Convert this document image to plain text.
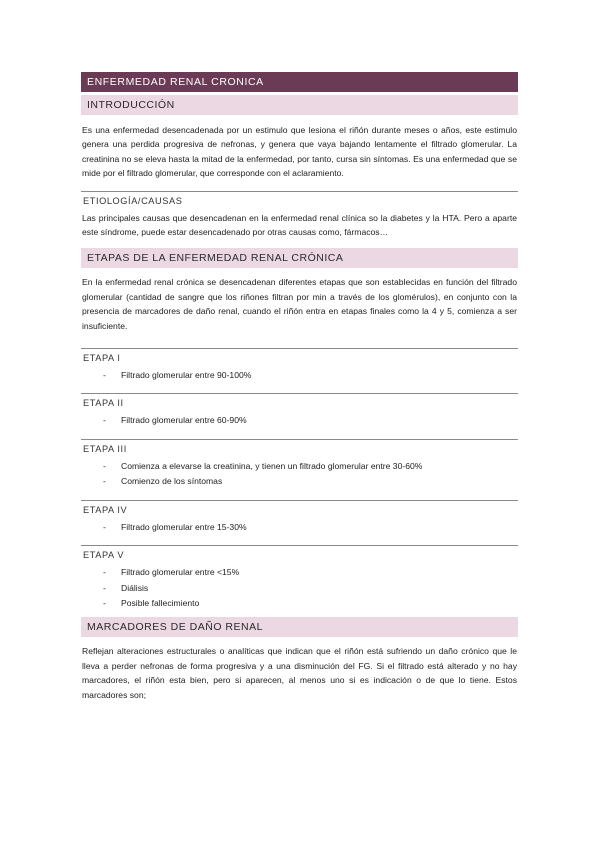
ENFERMEDAD RENAL CRONICA
INTRODUCCIÓN

Es una enfermedad desencadenada por un estimulo que lesiona el riñón durante meses o años, este estimulo genera una perdida progresiva de nefronas, y genera que vaya bajando lentamente el filtrado glomerular. La creatinina no se eleva hasta la mitad de la enfermedad, por tanto, cursa sin síntomas. Es una enfermedad que se mide por el filtrado glomerular, que corresponde con el aclaramiento.

ETIOLOGÍA/CAUSAS

Las principales causas que desencadenan en la enfermedad renal clínica so la diabetes y la HTA. Pero a aparte este síndrome, puede estar desencadenado por otras causas como, fármacos…

ETAPAS DE LA ENFERMEDAD RENAL CRÓNICA

En la enfermedad renal crónica se desencadenan diferentes etapas que son establecidas en función del filtrado glomerular (cantidad de sangre que los riñones filtran por min a través de los glomérulos), en conjunto con la presencia de marcadores de daño renal, cuando el riñón entra en etapas finales como la 4 y 5, comienza a ser insuficiente.

ETAPA I
- Filtrado glomerular entre 90-100%
ETAPA II
- Filtrado glomerular entre 60-90%
ETAPA III
- Comienza a elevarse la creatinina, y tienen un filtrado glomerular entre 30-60%
- Comienzo de los síntomas
ETAPA IV
- Filtrado glomerular entre 15-30%
ETAPA V
- Filtrado glomerular entre <15%
- Diálisis
- Posible fallecimiento
MARCADORES DE DAÑO RENAL

Reflejan alteraciones estructurales o analíticas que indican que el riñón está sufriendo un daño crónico que le lleva a perder nefronas de forma progresiva y a una disminución del FG. Si el filtrado está alterado y no hay marcadores, el riñón esta bien, pero si aparecen, al menos uno si es indicación o de que lo tiene. Estos marcadores son;
